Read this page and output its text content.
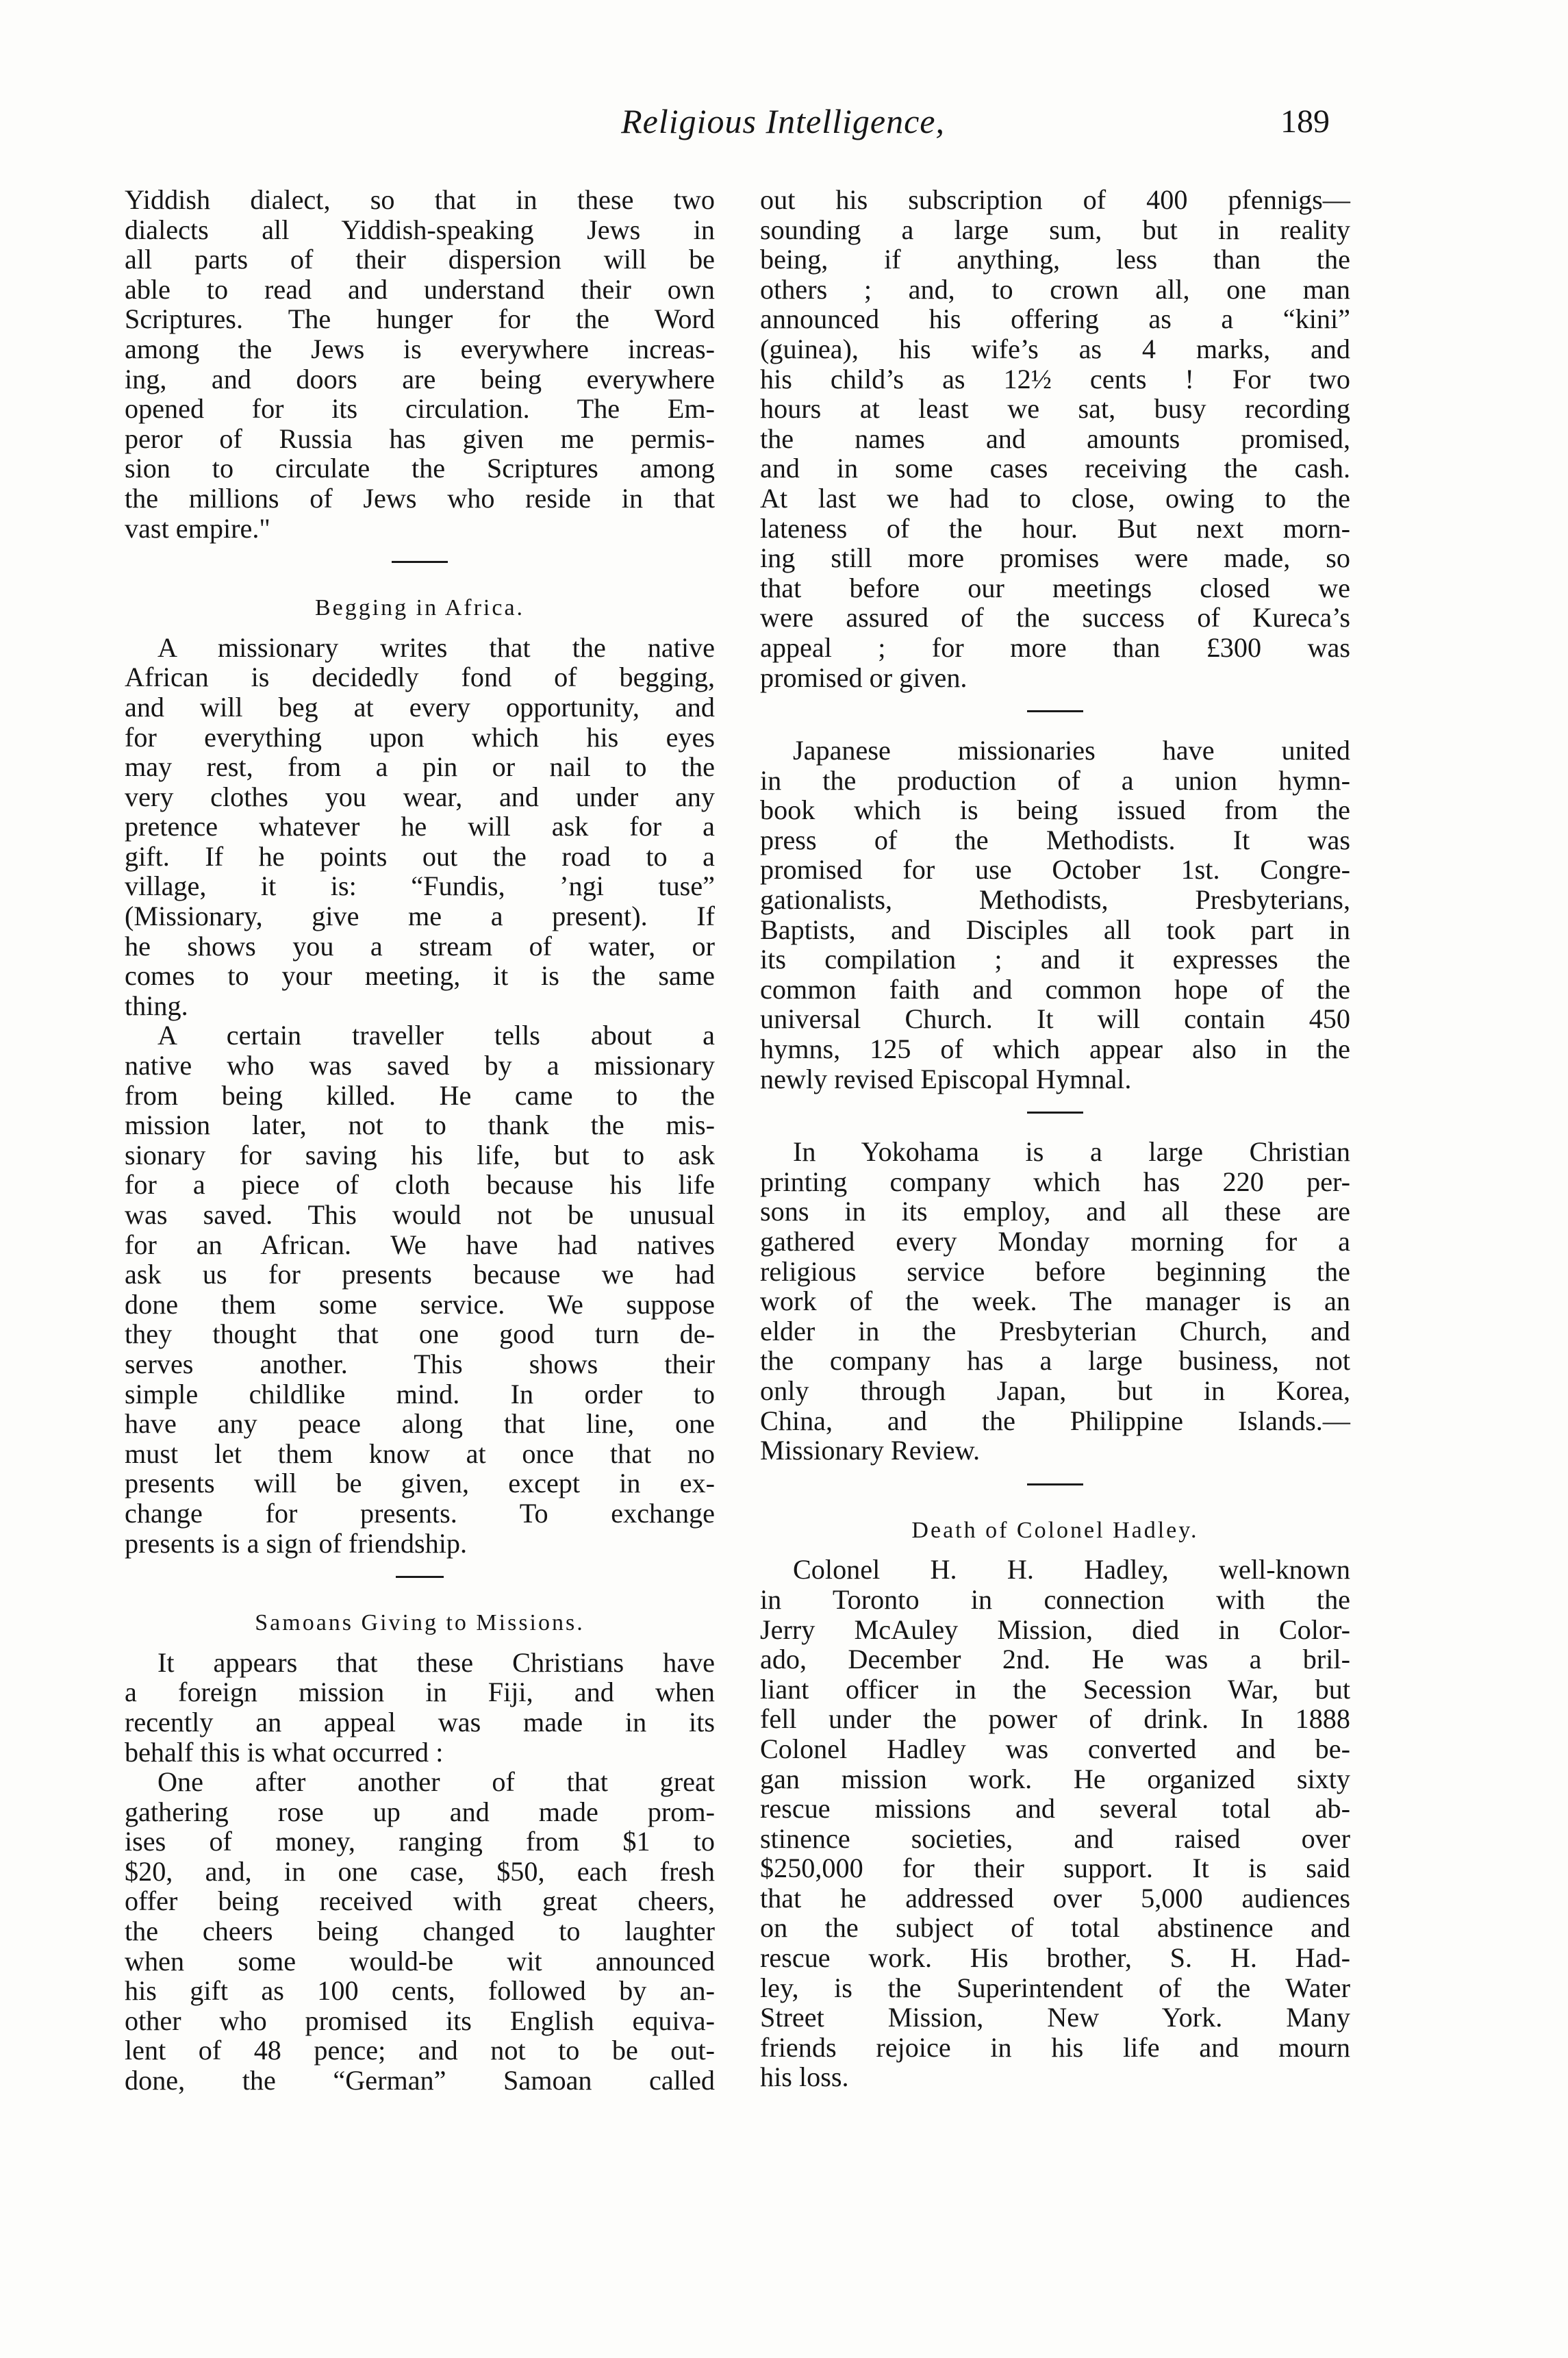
Religious Intelligence,	189
Yiddish dialect, so that in these two
dialects all Yiddish-speaking Jews in
all parts of their dispersion will be
able to read and understand their own
Scriptures. The hunger for the Word
among the Jews is everywhere increas-
ing, and doors are being everywhere
opened for its circulation. The Em-
peror of Russia has given me permis-
sion to circulate the Scriptures among
the millions of Jews who reside in that
vast empire."
Begging in Africa.
A missionary writes that the native
African is decidedly fond of begging,
and will beg at every opportunity, and
for everything upon which his eyes
may rest, from a pin or nail to the
very clothes you wear, and under any
pretence whatever he will ask for a
gift. If he points out the road to a
village, it is: “Fundis, ’ngi tuse”
(Missionary, give me a present). If
he shows you a stream of water, or
comes to your meeting, it is the same
thing.
A certain traveller tells about a
native who was saved by a missionary
from being killed. He came to the
mission later, not to thank the mis-
sionary for saving his life, but to ask
for a piece of cloth because his life
was saved. This would not be unusual
for an African. We have had natives
ask us for presents because we had
done them some service. We suppose
they thought that one good turn de-
serves another. This shows their
simple childlike mind. In order to
have any peace along that line, one
must let them know at once that no
presents will be given, except in ex-
change for presents. To exchange
presents is a sign of friendship.
Samoans Giving to Missions.
It appears that these Christians have
a foreign mission in Fiji, and when
recently an appeal was made in its
behalf this is what occurred :
One after another of that great
gathering rose up and made prom-
ises of money, ranging from $1 to
$20, and, in one case, $50, each fresh
offer being received with great cheers,
the cheers being changed to laughter
when some would-be wit announced
his gift as 100 cents, followed by an-
other who promised its English equiva-
lent of 48 pence; and not to be out-
done, the “German” Samoan called
out his subscription of 400 pfennigs—
sounding a large sum, but in reality
being, if anything, less than the
others ; and, to crown all, one man
announced his offering as a “kini”
(guinea), his wife’s as 4 marks, and
his child’s as 12½ cents ! For two
hours at least we sat, busy recording
the names and amounts promised,
and in some cases receiving the cash.
At last we had to close, owing to the
lateness of the hour. But next morn-
ing still more promises were made, so
that before our meetings closed we
were assured of the success of Kureca’s
appeal ; for more than £300 was
promised or given.
Japanese missionaries have united
in the production of a union hymn-
book which is being issued from the
press of the Methodists. It was
promised for use October 1st. Congre-
gationalists, Methodists, Presbyterians,
Baptists, and Disciples all took part in
its compilation ; and it expresses the
common faith and common hope of the
universal Church. It will contain 450
hymns, 125 of which appear also in the
newly revised Episcopal Hymnal.
In Yokohama is a large Christian
printing company which has 220 per-
sons in its employ, and all these are
gathered every Monday morning for a
religious service before beginning the
work of the week. The manager is an
elder in the Presbyterian Church, and
the company has a large business, not
only through Japan, but in Korea,
China, and the Philippine Islands.—
Missionary Review.
Death of Colonel Hadley.
Colonel H. H. Hadley, well-known
in Toronto in connection with the
Jerry McAuley Mission, died in Color-
ado, December 2nd. He was a bril-
liant officer in the Secession War, but
fell under the power of drink. In 1888
Colonel Hadley was converted and be-
gan mission work. He organized sixty
rescue missions and several total ab-
stinence societies, and raised over
$250,000 for their support. It is said
that he addressed over 5,000 audiences
on the subject of total abstinence and
rescue work. His brother, S. H. Had-
ley, is the Superintendent of the Water
Street Mission, New York. Many
friends rejoice in his life and mourn
his loss.
